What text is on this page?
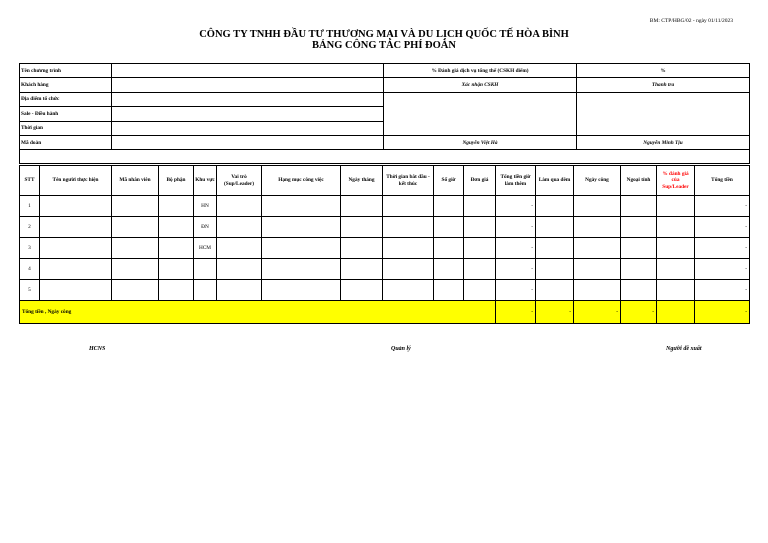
BM: CTP/HBG/02 - ngày 01/11/2023
CÔNG TY TNHH ĐẦU TƯ THƯƠNG MẠI VÀ DU LỊCH QUỐC TẾ HÒA BÌNH
BẢNG CÔNG TÁC PHÍ ĐOÀN
Tên chương trình		% Đánh giá dịch vụ tổng thể (CSKH điểm)	%
Khách hàng		Xác nhận CSKH	Thanh tra
Địa điểm tổ chức			
Sale - Điều hành			
Thời gian			
Mã đoàn		Nguyễn Việt Hà	Nguyễn Minh Tịu

STT	Tên người thực hiện	Mã nhân viên	Bộ phận	Khu vực	Vai trò (Sup/Leader)	Hạng mục công việc	Ngày tháng	Thời gian bắt đầu - kết thúc	Số giờ	Đơn giá	Tổng tiền giờ làm thêm	Làm qua đêm	Ngày công	Ngoại tỉnh	% đánh giá của Sup/Leader	Tổng tiền
1				HN							-					-
2				ĐN							-					-
3				HCM							-					-
4											-					-
5											-					-
Tổng tiền , Ngày công											-	-	-	-		-
HCNS	Quản lý	Người đề xuất
